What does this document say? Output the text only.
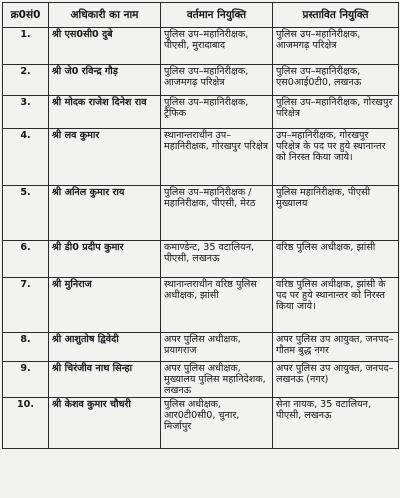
क्र0सं0	अधिकारी का नाम	वर्तमान नियुक्ति	प्रस्तावित नियुक्ति
1.	श्री एस0सी0 दुबे	पुलिस उप–महानिरीक्षक, पीएसी, मुरादाबाद	पुलिस उप–महानिरीक्षक, आजमगढ़ परिक्षेत्र
2.	श्री जे0 रविन्द्र गौड़	पुलिस उप–महानिरीक्षक, आजमगढ़ परिक्षेत्र	पुलिस उप–महानिरीक्षक, एस0आई0टी0, लखनऊ
3.	श्री मोदक राजेश दिनेश राव	पुलिस उप–महानिरीक्षक, ट्रैफिक	पुलिस उप–महानिरीक्षक, गोरखपुर परिक्षेत्र
4.	श्री लव कुमार	स्थानान्तराधीन उप–महानिरीक्षक, गोरखपुर परिक्षेत्र	उप–महानिरीक्षक, गोरखपुर परिक्षेत्र के पद पर हुये स्थानान्तर को निरस्त किया जाये।
5.	श्री अनिल कुमार राय	पुलिस उप–महानिरीक्षक / महानिरीक्षक, पीएसी, मेरठ	पुलिस महानिरीक्षक, पीएसी मुख्यालय
6.	श्री डी0 प्रदीप कुमार	कमाण्डेन्ट, 35 वटालियन, पीएसी, लखनऊ	वरिष्ठ पुलिस अधीक्षक, झांसी
7.	श्री मुनिराज	स्थानान्तराधीन वरिष्ठ पुलिस अधीक्षक, झांसी	वरिष्ठ पुलिस अधीक्षक, झांसी के पद पर हुये स्थानान्तर को निरस्त किया जाये।
8.	श्री आशुतोष द्विवेदी	अपर पुलिस अधीक्षक, प्रयागराज	अपर पुलिस उप आयुक्त, जनपद– गौतम बुद्ध नगर
9.	श्री चिरंजीव नाथ सिन्हा	अपर पुलिस अधीक्षक, मुख्यालय पुलिस महानिदेशक, लखनऊ	अपर पुलिस उप आयुक्त, जनपद– लखनऊ (नगर)
10.	श्री केशव कुमार चौधरी	पुलिस अधीक्षक, आर0टी0सी0, चुनार, मिर्जापुर	सेना नायक, 35 वटालियन, पीएसी, लखनऊ
